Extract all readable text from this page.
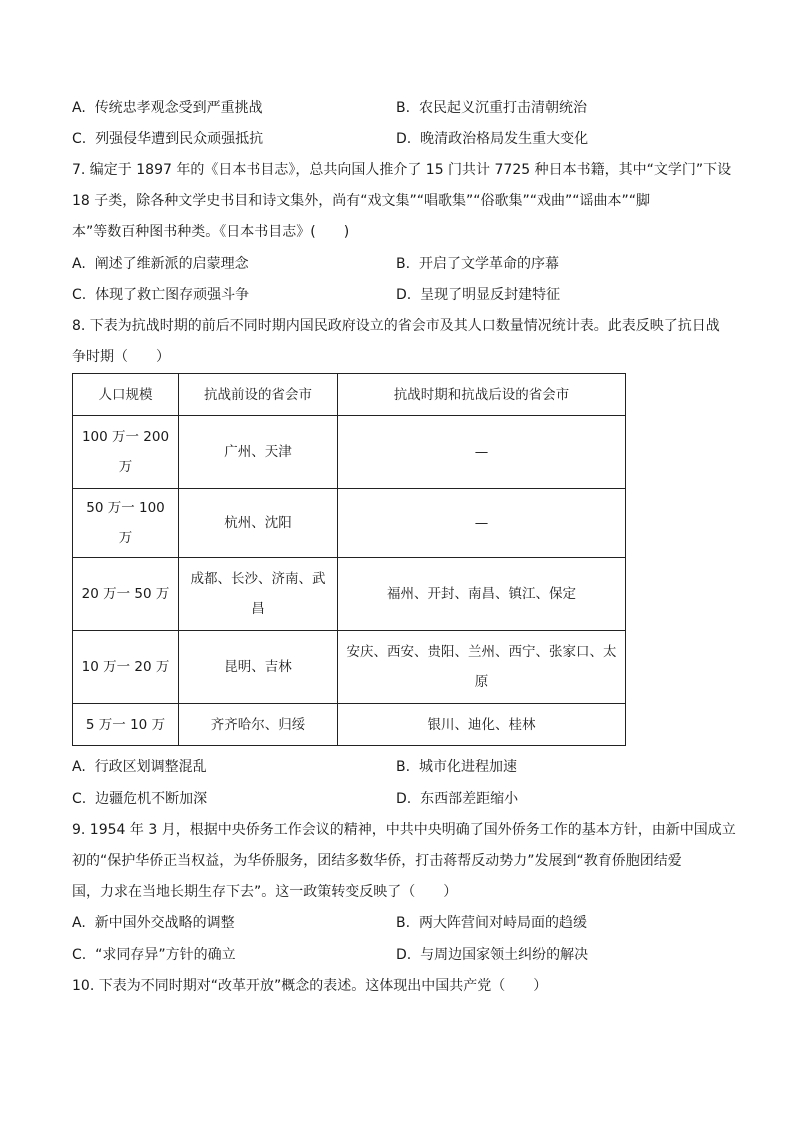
A. 传统忠孝观念受到严重挑战	B. 农民起义沉重打击清朝统治
C. 列强侵华遭到民众顽强抵抗	D. 晚清政治格局发生重大变化
7. 编定于 1897 年的《日本书目志》，总共向国人推介了 15 门共计 7725 种日本书籍，其中“文学门”下设
18 子类，除各种文学史书目和诗文集外，尚有“戏文集”“唱歌集”“俗歌集”“戏曲”“谣曲本”“脚
本”等数百种图书种类。《日本书目志》(　　)
A. 阐述了维新派的启蒙理念	B. 开启了文学革命的序幕
C. 体现了救亡图存顽强斗争	D. 呈现了明显反封建特征
8. 下表为抗战时期的前后不同时期内国民政府设立的省会市及其人口数量情况统计表。此表反映了抗日战
争时期（　　）
人口规模	抗战前设的省会市	抗战时期和抗战后设的省会市
100 万一 200 万	广州、天津	—
50 万一 100 万	杭州、沈阳	—
20 万一 50 万	成都、长沙、济南、武昌	福州、开封、南昌、镇江、保定
10 万一 20 万	昆明、吉林	安庆、西安、贵阳、兰州、西宁、张家口、太原
5 万一 10 万	齐齐哈尔、归绥	银川、迪化、桂林
A. 行政区划调整混乱	B. 城市化进程加速
C. 边疆危机不断加深	D. 东西部差距缩小
9. 1954 年 3 月，根据中央侨务工作会议的精神，中共中央明确了国外侨务工作的基本方针，由新中国成立
初的“保护华侨正当权益，为华侨服务，团结多数华侨，打击蒋帮反动势力”发展到“教育侨胞团结爱
国，力求在当地长期生存下去”。这一政策转变反映了（　　）
A. 新中国外交战略的调整	B. 两大阵营间对峙局面的趋缓
C. “求同存异”方针的确立	D. 与周边国家领土纠纷的解决
10. 下表为不同时期对“改革开放”概念的表述。这体现出中国共产党（　　）
